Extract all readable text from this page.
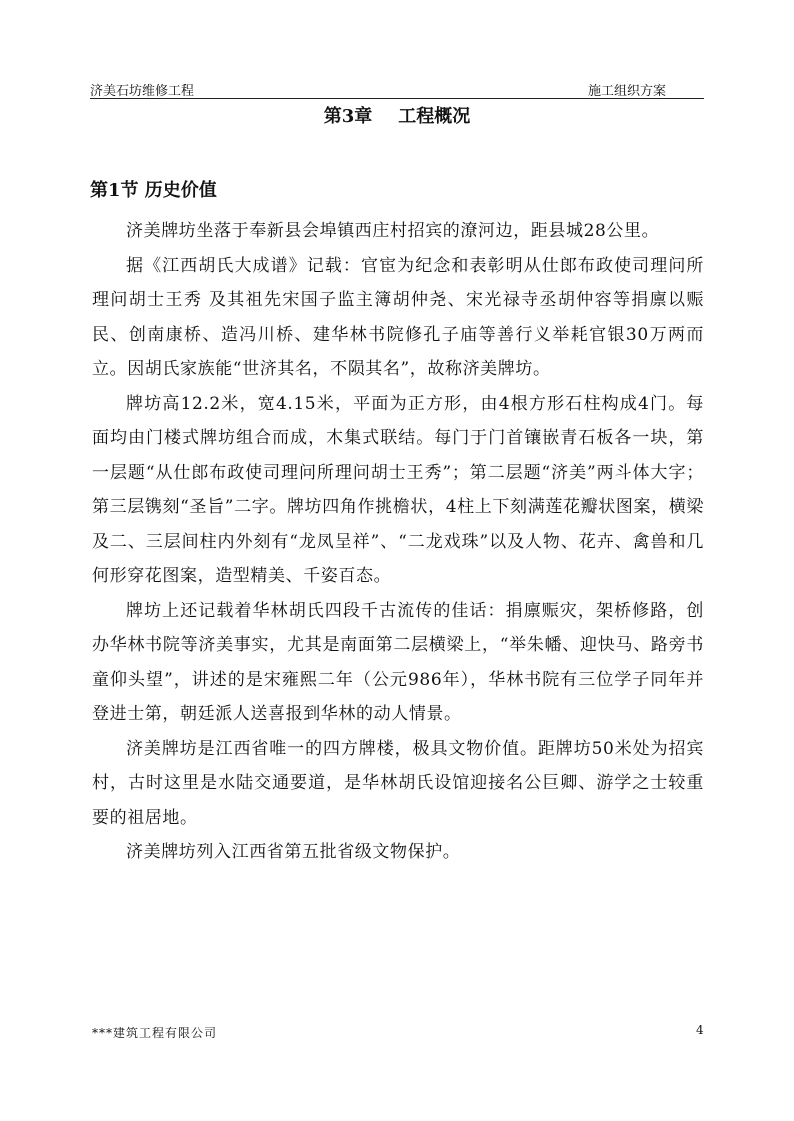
济美石坊维修工程	施工组织方案
第3章 工程概况
第1节 历史价值

济美牌坊坐落于奉新县会埠镇西庄村招宾的潦河边，距县城28公里。

据《江西胡氏大成谱》记载：官宦为纪念和表彰明从仕郎布政使司理问所理问胡士王秀 及其祖先宋国子监主簿胡仲尧、宋光禄寺丞胡仲容等捐廪以赈民、创南康桥、造冯川桥、建华林书院修孔子庙等善行义举耗官银30万两而立。因胡氏家族能“世济其名，不陨其名”，故称济美牌坊。

牌坊高12.2米，宽4.15米，平面为正方形，由4根方形石柱构成4门。每面均由门楼式牌坊组合而成，木集式联结。每门于门首镶嵌青石板各一块，第一层题“从仕郎布政使司理问所理问胡士王秀”；第二层题“济美”两斗体大字；第三层镌刻“圣旨”二字。牌坊四角作挑檐状，4柱上下刻满莲花瓣状图案，横梁及二、三层间柱内外刻有“龙凤呈祥”、“二龙戏珠”以及人物、花卉、禽兽和几何形穿花图案，造型精美、千姿百态。

牌坊上还记载着华林胡氏四段千古流传的佳话：捐廪赈灾，架桥修路，创办华林书院等济美事实，尤其是南面第二层横梁上，“举朱幡、迎快马、路旁书童仰头望”，讲述的是宋雍熙二年（公元986年），华林书院有三位学子同年并登进士第，朝廷派人送喜报到华林的动人情景。

济美牌坊是江西省唯一的四方牌楼，极具文物价值。距牌坊50米处为招宾村，古时这里是水陆交通要道，是华林胡氏设馆迎接名公巨卿、游学之士较重要的祖居地。

济美牌坊列入江西省第五批省级文物保护。

***建筑工程有限公司	4
